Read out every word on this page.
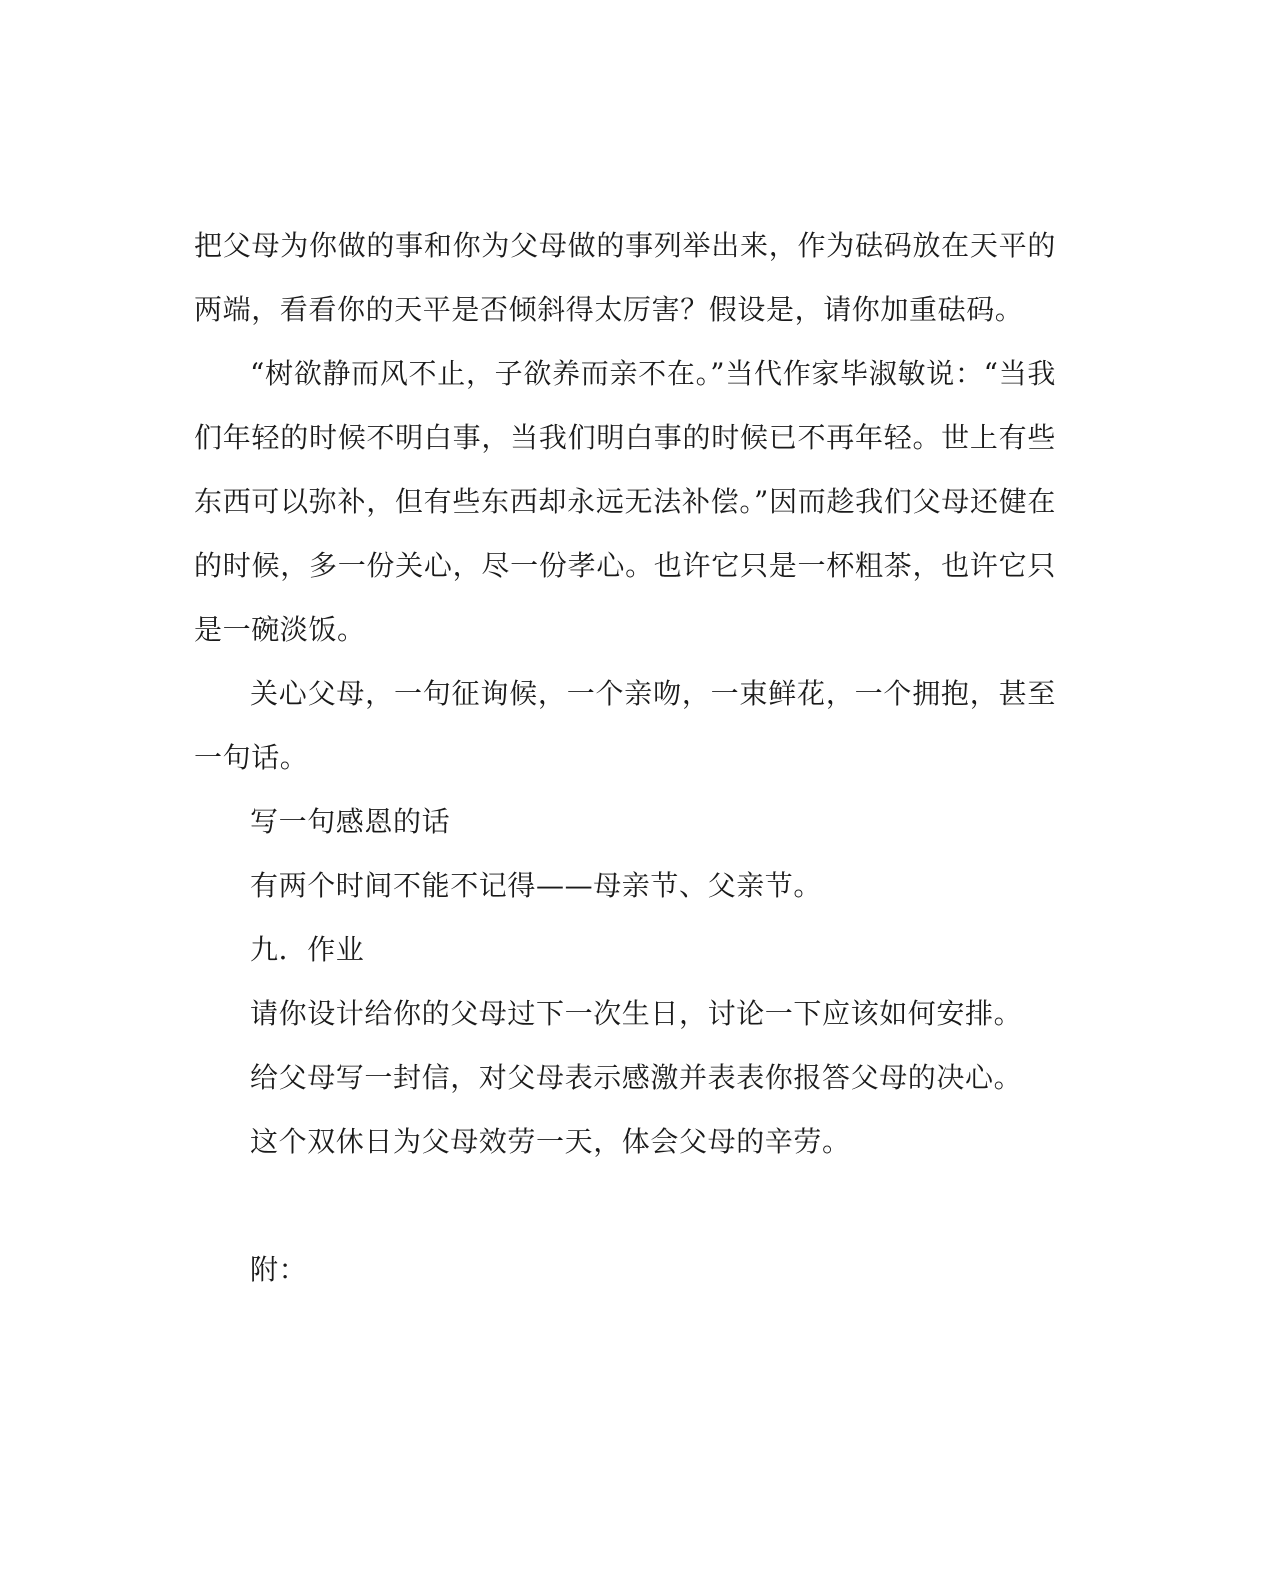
把父母为你做的事和你为父母做的事列举出来，作为砝码放在天平的两端，看看你的天平是否倾斜得太厉害？假设是，请你加重砝码。

“树欲静而风不止，子欲养而亲不在。”当代作家毕淑敏说：“当我们年轻的时候不明白事，当我们明白事的时候已不再年轻。世上有些东西可以弥补，但有些东西却永远无法补偿。”因而趁我们父母还健在的时候，多一份关心，尽一份孝心。也许它只是一杯粗茶，也许它只是一碗淡饭。

关心父母，一句征询候，一个亲吻，一束鲜花，一个拥抱，甚至一句话。

写一句感恩的话

有两个时间不能不记得——母亲节、父亲节。

九．作业

请你设计给你的父母过下一次生日，讨论一下应该如何安排。

给父母写一封信，对父母表示感激并表表你报答父母的决心。

这个双休日为父母效劳一天，体会父母的辛劳。

附：
